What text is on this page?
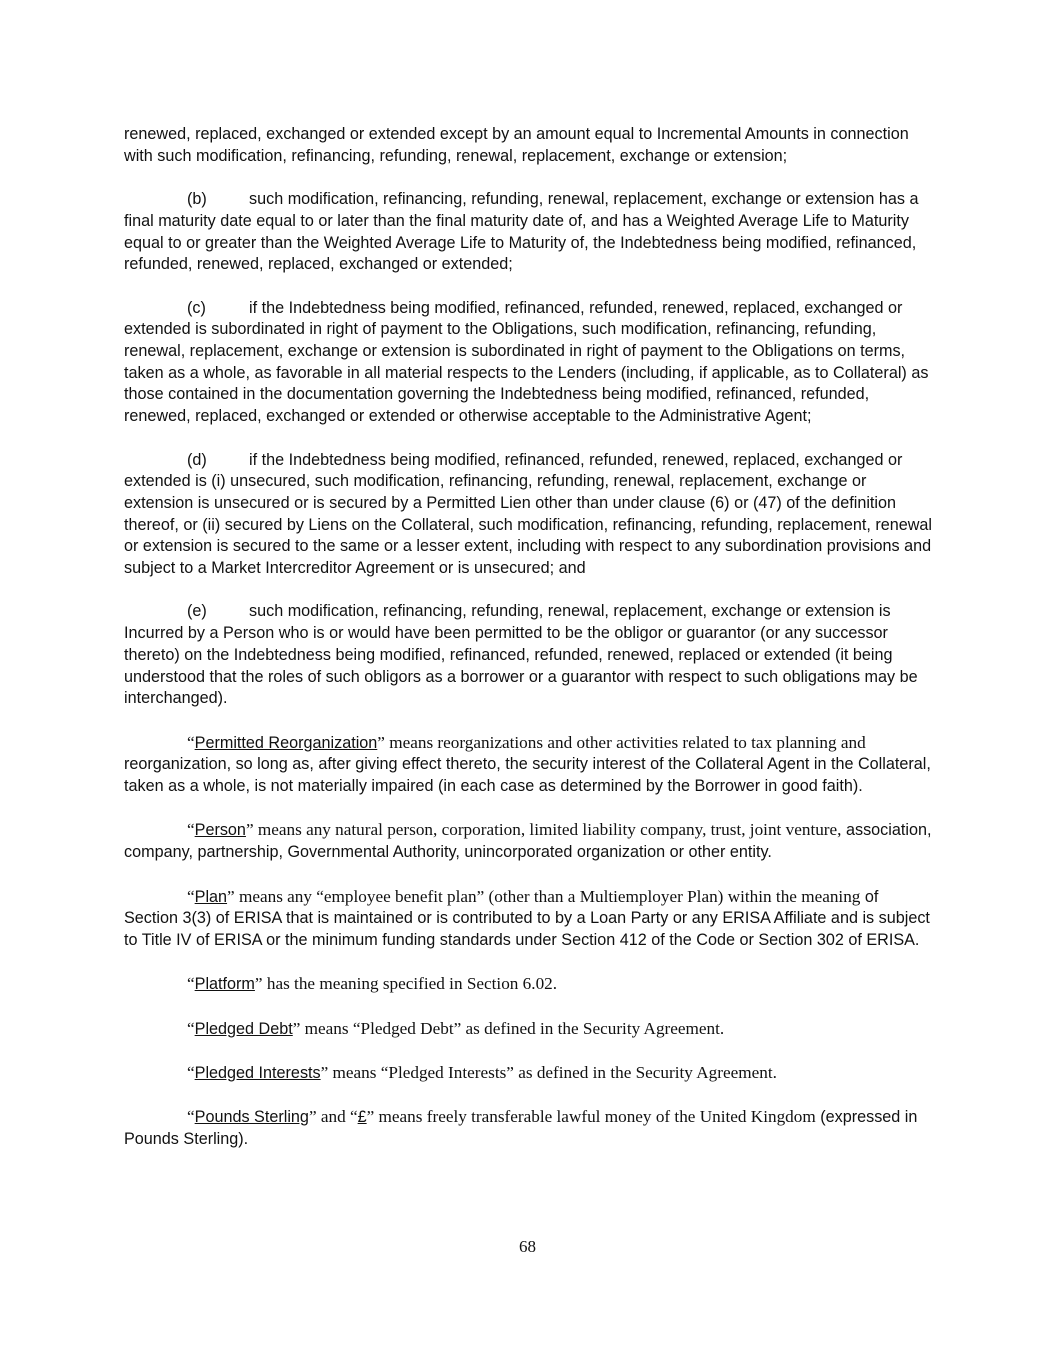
renewed, replaced, exchanged or extended except by an amount equal to Incremental Amounts in connection with such modification, refinancing, refunding, renewal, replacement, exchange or extension;

(b)	such modification, refinancing, refunding, renewal, replacement, exchange or extension has a final maturity date equal to or later than the final maturity date of, and has a Weighted Average Life to Maturity equal to or greater than the Weighted Average Life to Maturity of, the Indebtedness being modified, refinanced, refunded, renewed, replaced, exchanged or extended;

(c)	if the Indebtedness being modified, refinanced, refunded, renewed, replaced, exchanged or extended is subordinated in right of payment to the Obligations, such modification, refinancing, refunding, renewal, replacement, exchange or extension is subordinated in right of payment to the Obligations on terms, taken as a whole, as favorable in all material respects to the Lenders (including, if applicable, as to Collateral) as those contained in the documentation governing the Indebtedness being modified, refinanced, refunded, renewed, replaced, exchanged or extended or otherwise acceptable to the Administrative Agent;

(d)	if the Indebtedness being modified, refinanced, refunded, renewed, replaced, exchanged or extended is (i) unsecured, such modification, refinancing, refunding, renewal, replacement, exchange or extension is unsecured or is secured by a Permitted Lien other than under clause (6) or (47) of the definition thereof, or (ii) secured by Liens on the Collateral, such modification, refinancing, refunding, replacement, renewal or extension is secured to the same or a lesser extent, including with respect to any subordination provisions and subject to a Market Intercreditor Agreement or is unsecured; and

(e)	such modification, refinancing, refunding, renewal, replacement, exchange or extension is Incurred by a Person who is or would have been permitted to be the obligor or guarantor (or any successor thereto) on the Indebtedness being modified, refinanced, refunded, renewed, replaced or extended (it being understood that the roles of such obligors as a borrower or a guarantor with respect to such obligations may be interchanged).

“Permitted Reorganization” means reorganizations and other activities related to tax planning and reorganization, so long as, after giving effect thereto, the security interest of the Collateral Agent in the Collateral, taken as a whole, is not materially impaired (in each case as determined by the Borrower in good faith).

“Person” means any natural person, corporation, limited liability company, trust, joint venture, association, company, partnership, Governmental Authority, unincorporated organization or other entity.

“Plan” means any “employee benefit plan” (other than a Multiemployer Plan) within the meaning of Section 3(3) of ERISA that is maintained or is contributed to by a Loan Party or any ERISA Affiliate and is subject to Title IV of ERISA or the minimum funding standards under Section 412 of the Code or Section 302 of ERISA.

“Platform” has the meaning specified in Section 6.02.

“Pledged Debt” means “Pledged Debt” as defined in the Security Agreement.

“Pledged Interests” means “Pledged Interests” as defined in the Security Agreement.

“Pounds Sterling” and “£” means freely transferable lawful money of the United Kingdom (expressed in Pounds Sterling).

68
